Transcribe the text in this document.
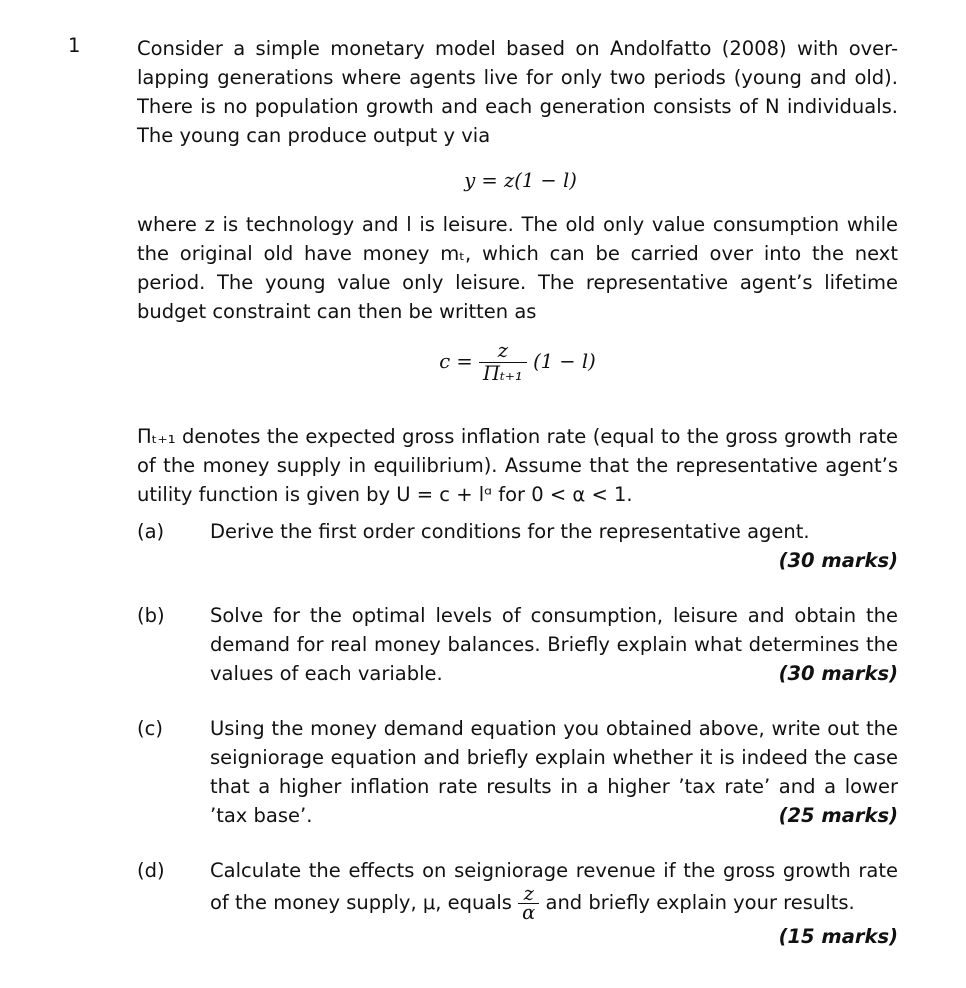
1	Consider a simple monetary model based on Andolfatto (2008) with over-lapping generations where agents live for only two periods (young and old). There is no population growth and each generation consists of N individuals. The young can produce output y via

y = z(1 − l)

where z is technology and l is leisure. The old only value consumption while the original old have money mₜ, which can be carried over into the next period. The young value only leisure. The representative agent’s lifetime budget constraint can then be written as

$c = \frac{z}{\text{Πₜ₊₁}} (1 - l)$

Πₜ₊₁ denotes the expected gross inflation rate (equal to the gross growth rate of the money supply in equilibrium). Assume that the representative agent’s utility function is given by U = c + lᵅ for 0 < α < 1.

(a) Derive the first order conditions for the representative agent.
(30 marks)
(b) Solve for the optimal levels of consumption, leisure and obtain the demand for real money balances. Briefly explain what determines the values of each variable.	(30 marks)
(c) Using the money demand equation you obtained above, write out the seigniorage equation and briefly explain whether it is indeed the case that a higher inflation rate results in a higher ’tax rate’ and a lower ’tax base’.	(25 marks)
(d) Calculate the effects on seigniorage revenue if the gross growth rate of the money supply, μ, equals $\frac{z}{\alpha}$ and briefly explain your results.
(15 marks)
